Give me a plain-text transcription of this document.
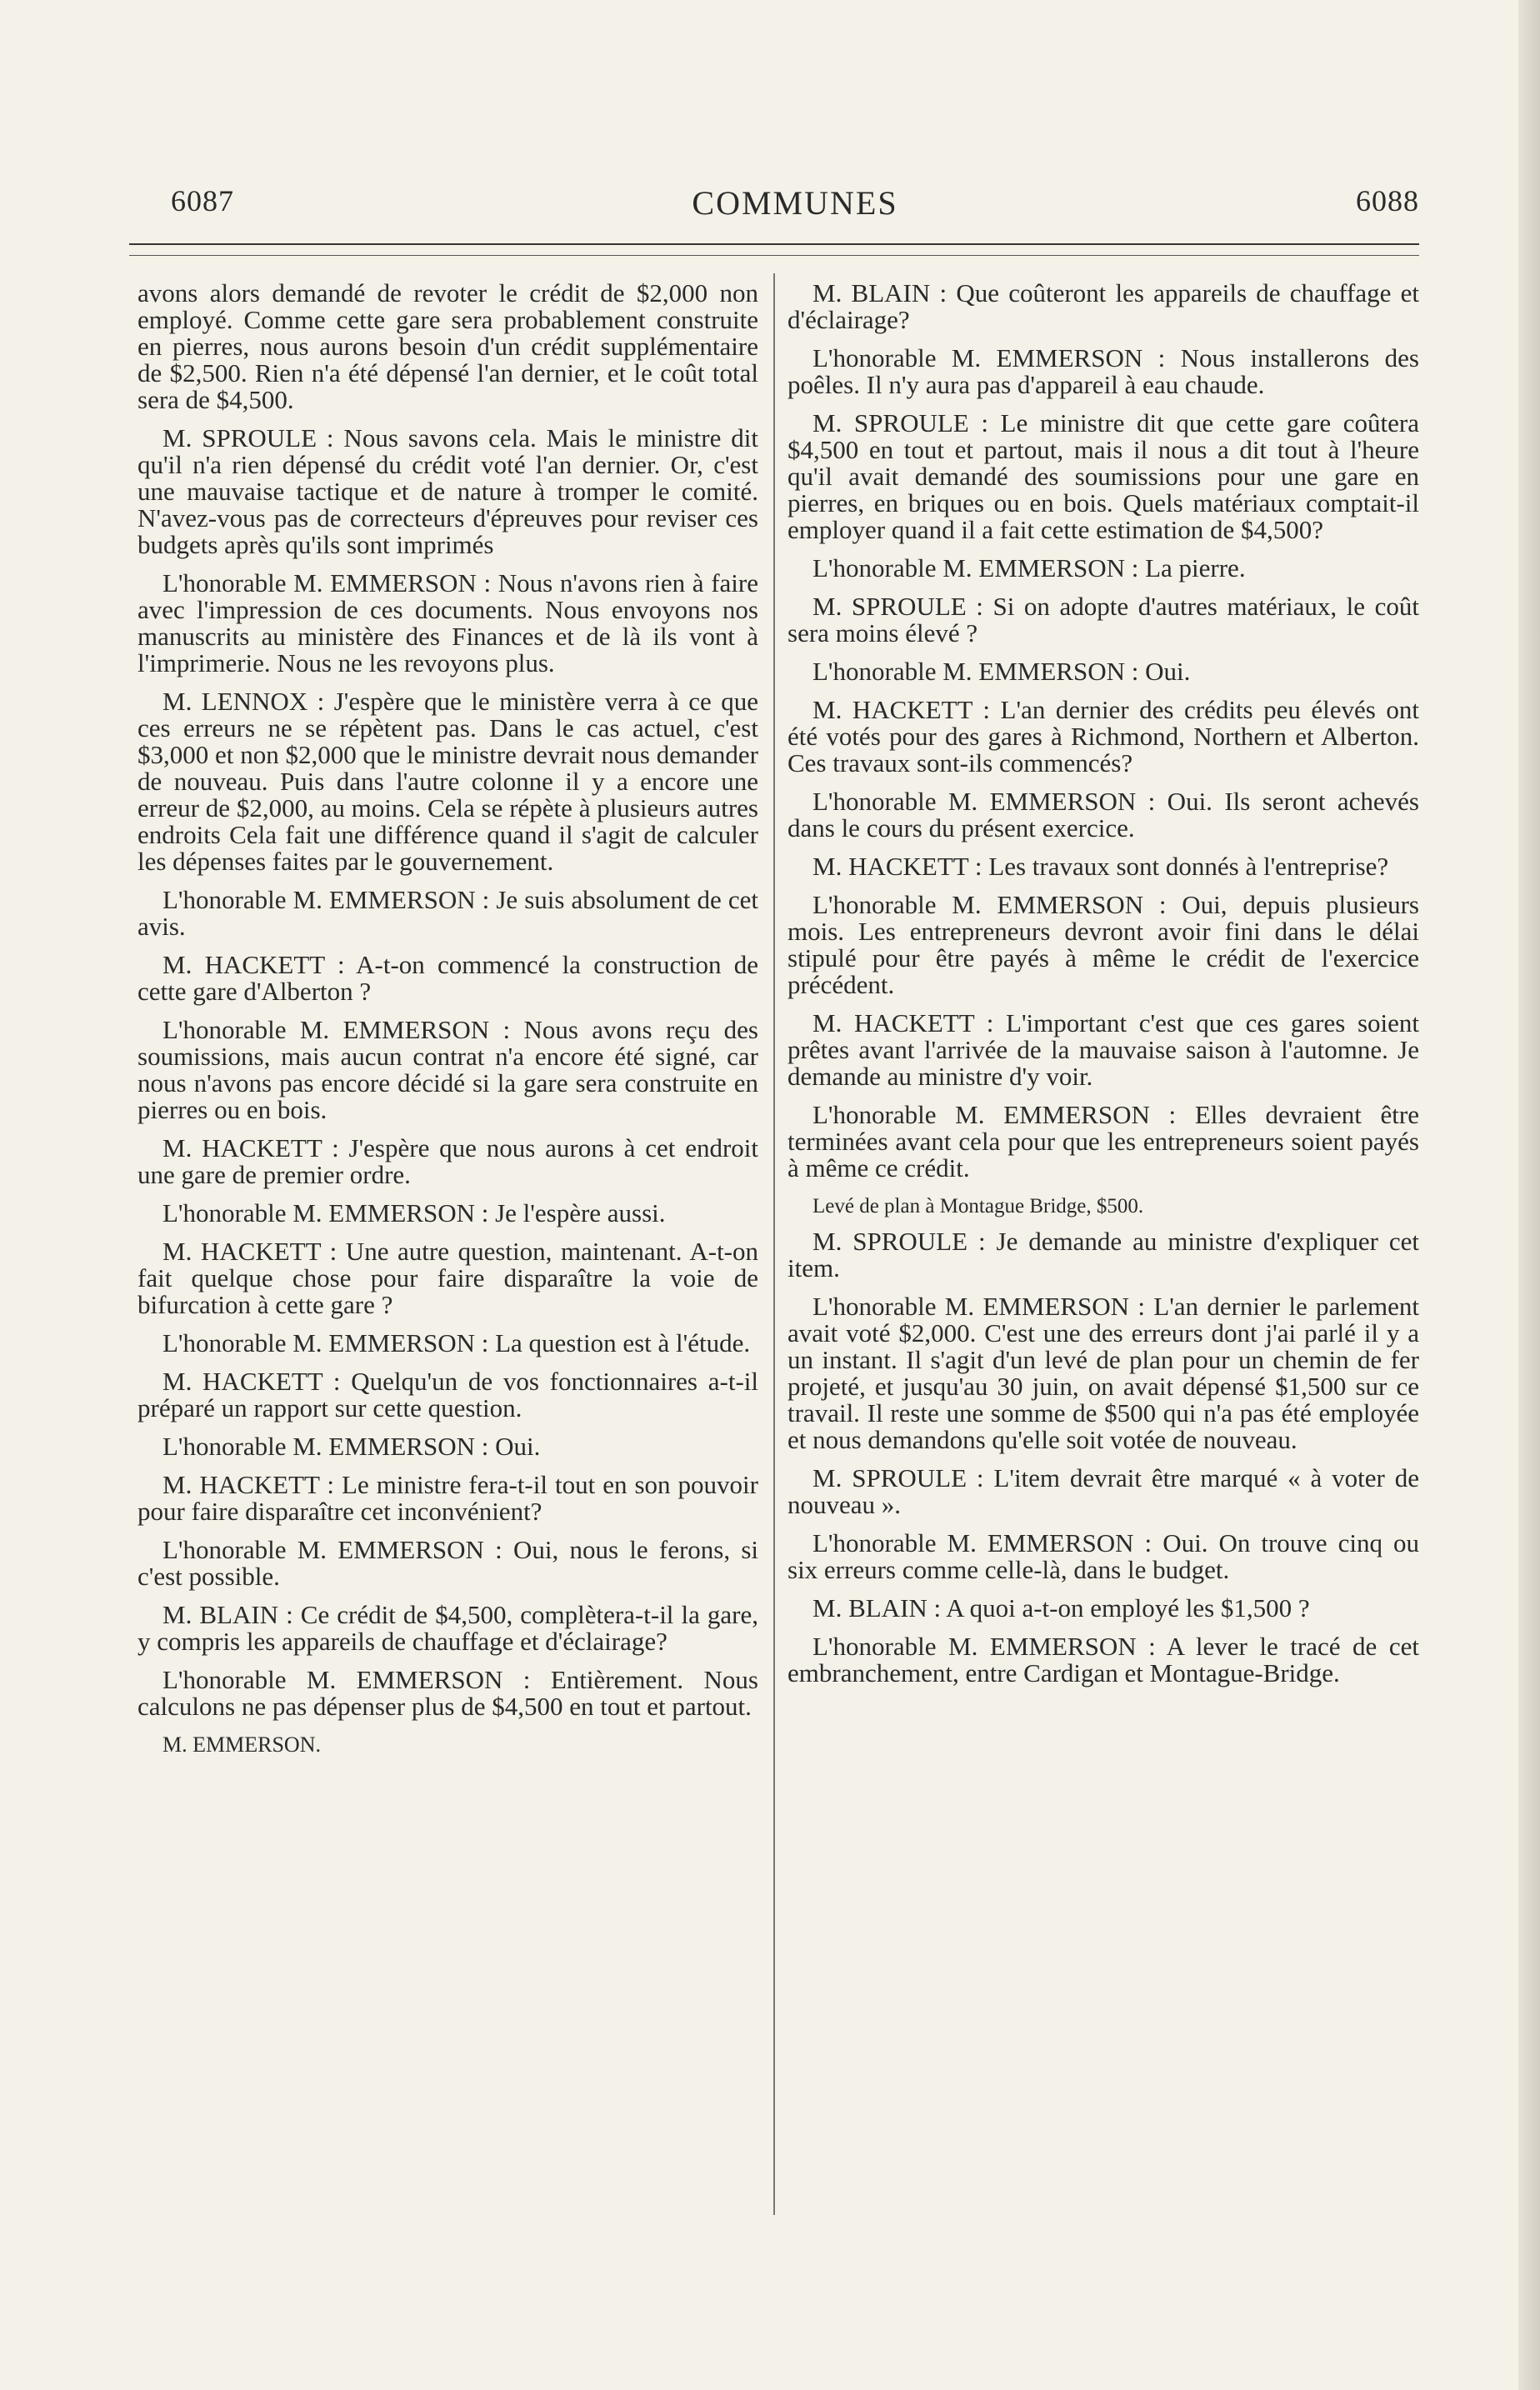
6087	COMMUNES	6088

avons alors demandé de revoter le crédit de $2,000 non employé. Comme cette gare sera probablement construite en pierres, nous aurons besoin d'un crédit supplémentaire de $2,500. Rien n'a été dépensé l'an dernier, et le coût total sera de $4,500.

M. SPROULE : Nous savons cela. Mais le ministre dit qu'il n'a rien dépensé du crédit voté l'an dernier. Or, c'est une mauvaise tactique et de nature à tromper le comité. N'avez-vous pas de correcteurs d'épreuves pour reviser ces budgets après qu'ils sont imprimés

L'honorable M. EMMERSON : Nous n'avons rien à faire avec l'impression de ces documents. Nous envoyons nos manuscrits au ministère des Finances et de là ils vont à l'imprimerie. Nous ne les revoyons plus.

M. LENNOX : J'espère que le ministère verra à ce que ces erreurs ne se répètent pas. Dans le cas actuel, c'est $3,000 et non $2,000 que le ministre devrait nous demander de nouveau. Puis dans l'autre colonne il y a encore une erreur de $2,000, au moins. Cela se répète à plusieurs autres endroits Cela fait une différence quand il s'agit de calculer les dépenses faites par le gouvernement.

L'honorable M. EMMERSON : Je suis absolument de cet avis.

M. HACKETT : A-t-on commencé la construction de cette gare d'Alberton ?

L'honorable M. EMMERSON : Nous avons reçu des soumissions, mais aucun contrat n'a encore été signé, car nous n'avons pas encore décidé si la gare sera construite en pierres ou en bois.

M. HACKETT : J'espère que nous aurons à cet endroit une gare de premier ordre.

L'honorable M. EMMERSON : Je l'espère aussi.

M. HACKETT : Une autre question, maintenant. A-t-on fait quelque chose pour faire disparaître la voie de bifurcation à cette gare ?

L'honorable M. EMMERSON : La question est à l'étude.

M. HACKETT : Quelqu'un de vos fonctionnaires a-t-il préparé un rapport sur cette question.

L'honorable M. EMMERSON : Oui.

M. HACKETT : Le ministre fera-t-il tout en son pouvoir pour faire disparaître cet inconvénient?

L'honorable M. EMMERSON : Oui, nous le ferons, si c'est possible.

M. BLAIN : Ce crédit de $4,500, complètera-t-il la gare, y compris les appareils de chauffage et d'éclairage?

L'honorable M. EMMERSON : Entièrement. Nous calculons ne pas dépenser plus de $4,500 en tout et partout.

M. EMMERSON.

M. BLAIN : Que coûteront les appareils de chauffage et d'éclairage?

L'honorable M. EMMERSON : Nous installerons des poêles. Il n'y aura pas d'appareil à eau chaude.

M. SPROULE : Le ministre dit que cette gare coûtera $4,500 en tout et partout, mais il nous a dit tout à l'heure qu'il avait demandé des soumissions pour une gare en pierres, en briques ou en bois. Quels matériaux comptait-il employer quand il a fait cette estimation de $4,500?

L'honorable M. EMMERSON : La pierre.

M. SPROULE : Si on adopte d'autres matériaux, le coût sera moins élevé ?

L'honorable M. EMMERSON : Oui.

M. HACKETT : L'an dernier des crédits peu élevés ont été votés pour des gares à Richmond, Northern et Alberton. Ces travaux sont-ils commencés?

L'honorable M. EMMERSON : Oui. Ils seront achevés dans le cours du présent exercice.

M. HACKETT : Les travaux sont donnés à l'entreprise?

L'honorable M. EMMERSON : Oui, depuis plusieurs mois. Les entrepreneurs devront avoir fini dans le délai stipulé pour être payés à même le crédit de l'exercice précédent.

M. HACKETT : L'important c'est que ces gares soient prêtes avant l'arrivée de la mauvaise saison à l'automne. Je demande au ministre d'y voir.

L'honorable M. EMMERSON : Elles devraient être terminées avant cela pour que les entrepreneurs soient payés à même ce crédit.

Levé de plan à Montague Bridge, $500.

M. SPROULE : Je demande au ministre d'expliquer cet item.

L'honorable M. EMMERSON : L'an dernier le parlement avait voté $2,000. C'est une des erreurs dont j'ai parlé il y a un instant. Il s'agit d'un levé de plan pour un chemin de fer projeté, et jusqu'au 30 juin, on avait dépensé $1,500 sur ce travail. Il reste une somme de $500 qui n'a pas été employée et nous demandons qu'elle soit votée de nouveau.

M. SPROULE : L'item devrait être marqué « à voter de nouveau ».

L'honorable M. EMMERSON : Oui. On trouve cinq ou six erreurs comme celle-là, dans le budget.

M. BLAIN : A quoi a-t-on employé les $1,500 ?

L'honorable M. EMMERSON : A lever le tracé de cet embranchement, entre Cardigan et Montague-Bridge.
